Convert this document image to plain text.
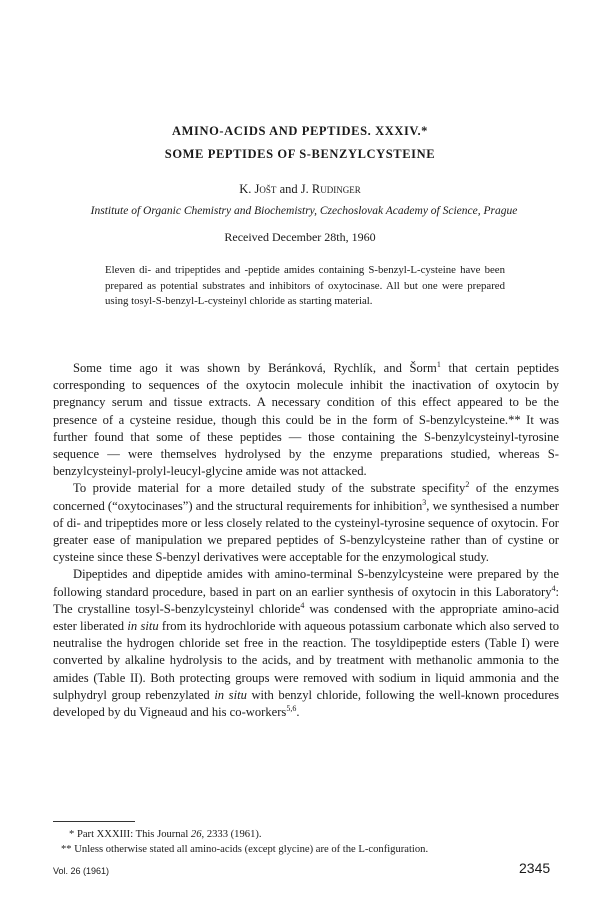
AMINO-ACIDS AND PEPTIDES. XXXIV.*

SOME PEPTIDES OF S-BENZYLCYSTEINE

K. Jošt and J. Rudinger

Institute of Organic Chemistry and Biochemistry, Czechoslovak Academy of Science, Prague

Received December 28th, 1960

Eleven di- and tripeptides and -peptide amides containing S-benzyl-L-cysteine have been prepared as potential substrates and inhibitors of oxytocinase. All but one were prepared using tosyl-S-benzyl-L-cysteinyl chloride as starting material.

Some time ago it was shown by Beránková, Rychlík, and Šorm$^1$ that certain peptides corresponding to sequences of the oxytocin molecule inhibit the inactivation of oxytocin by pregnancy serum and tissue extracts. A necessary condition of this effect appeared to be the presence of a cysteine residue, though this could be in the form of S-benzylcysteine.** It was further found that some of these peptides — those containing the S-benzylcysteinyl-tyrosine sequence — were themselves hydrolysed by the enzyme preparations studied, whereas S-benzylcysteinyl-prolyl-leucyl-glycine amide was not attacked.

To provide material for a more detailed study of the substrate specifity$^2$ of the enzymes concerned (“oxytocinases”) and the structural requirements for inhibition$^3$, we synthesised a number of di- and tripeptides more or less closely related to the cysteinyl-tyrosine sequence of oxytocin. For greater ease of manipulation we prepared peptides of S-benzylcysteine rather than of cystine or cysteine since these S-benzyl derivatives were acceptable for the enzymological study.

Dipeptides and dipeptide amides with amino-terminal S-benzylcysteine were prepared by the following standard procedure, based in part on an earlier synthesis of oxytocin in this Laboratory$^4$: The crystalline tosyl-S-benzylcysteinyl chloride$^4$ was condensed with the appropriate amino-acid ester liberated in situ from its hydrochloride with aqueous potassium carbonate which also served to neutralise the hydrogen chloride set free in the reaction. The tosyldipeptide esters (Table I) were converted by alkaline hydrolysis to the acids, and by treatment with methanolic ammonia to the amides (Table II). Both protecting groups were removed with sodium in liquid ammonia and the sulphydryl group rebenzylated in situ with benzyl chloride, following the well-known procedures developed by du Vigneaud and his co-workers$^{5,6}$.

* Part XXXIII: This Journal 26, 2333 (1961).

** Unless otherwise stated all amino-acids (except glycine) are of the L-configuration.

Vol. 26 (1961)	2345
